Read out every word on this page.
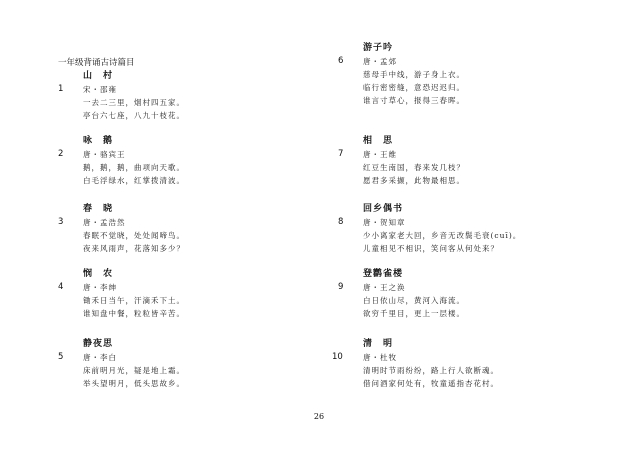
一年级背诵古诗篇目
1
山　村
宋・邵雍
一去二三里，烟村四五家。
亭台六七座，八九十枝花。
2
咏　鹅
唐・骆宾王
鹅，鹅，鹅，曲项向天歌。
白毛浮绿水，红掌拨清波。
3
春　晓
唐・孟浩然
春眠不觉晓，处处闻啼鸟。
夜来风雨声，花落知多少？
4
悯　农
唐・李绅
锄禾日当午，汗滴禾下土。
谁知盘中餐，粒粒皆辛苦。
5
静夜思
唐・李白
床前明月光，疑是地上霜。
举头望明月，低头思故乡。
6
游子吟
唐・孟郊
慈母手中线，游子身上衣。
临行密密缝，意恐迟迟归。
谁言寸草心，报得三春晖。
7
相　思
唐・王维
红豆生南国，春来发几枝？
愿君多采撷，此物最相思。
8
回乡偶书
唐・贺知章
少小离家老大回，乡音无改鬓毛衰(cuī)。
儿童相见不相识，笑问客从何处来？
9
登鹳雀楼
唐・王之涣
白日依山尽，黄河入海流。
欲穷千里目，更上一层楼。
10
清　明
唐・杜牧
清明时节雨纷纷，路上行人欲断魂。
借问酒家何处有，牧童遥指杏花村。
26
